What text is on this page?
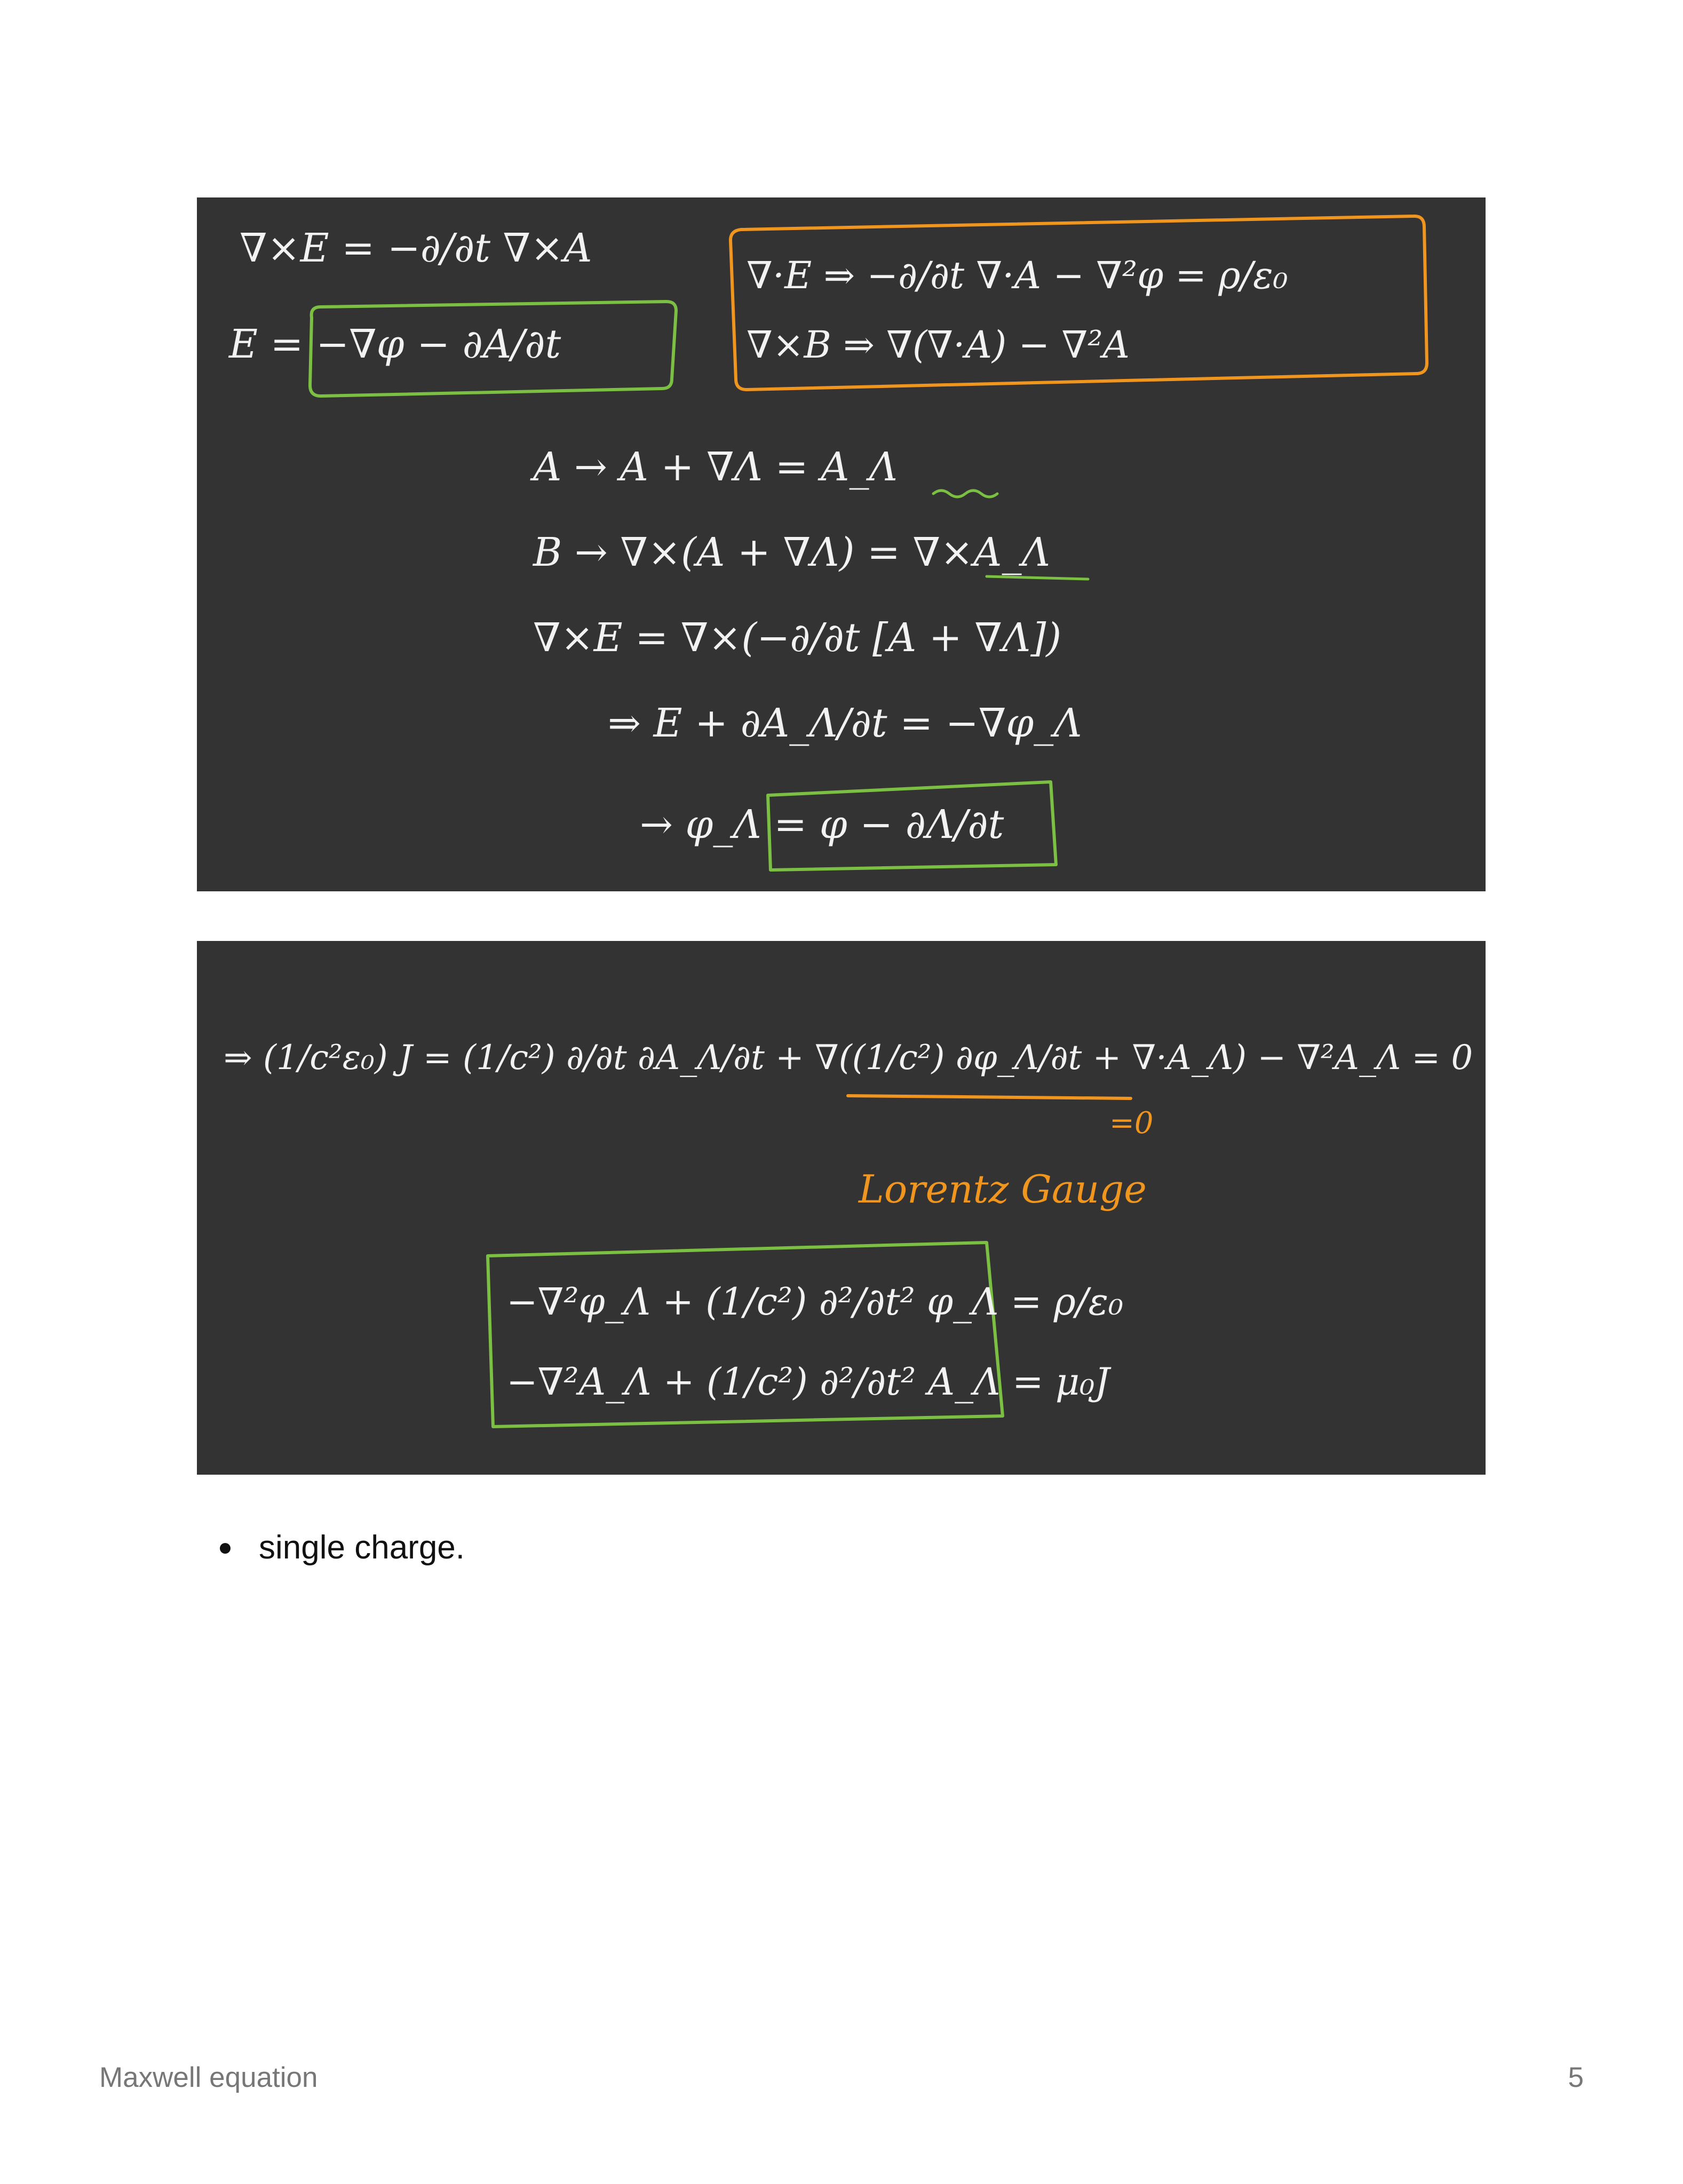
∇×E = −∂/∂t ∇×A
E = −∇φ − ∂A/∂t
∇·E ⇒ −∂/∂t ∇·A − ∇²φ = ρ/ε₀
∇×B ⇒ ∇(∇·A) − ∇²A
A → A + ∇Λ = A_Λ
B → ∇×(A + ∇Λ) = ∇×A_Λ
∇×E = ∇×(−∂/∂t [A + ∇Λ])
⇒ E + ∂A_Λ/∂t = −∇φ_Λ
→ φ_Λ = φ − ∂Λ/∂t
⇒ (1/c²ε₀) J = (1/c²) ∂/∂t ∂A_Λ/∂t + ∇((1/c²) ∂φ_Λ/∂t + ∇·A_Λ) − ∇²A_Λ = 0
=0
Lorentz Gauge
−∇²φ_Λ + (1/c²) ∂²/∂t² φ_Λ = ρ/ε₀
−∇²A_Λ + (1/c²) ∂²/∂t² A_Λ = μ₀J
single charge.
Maxwell equation	5
